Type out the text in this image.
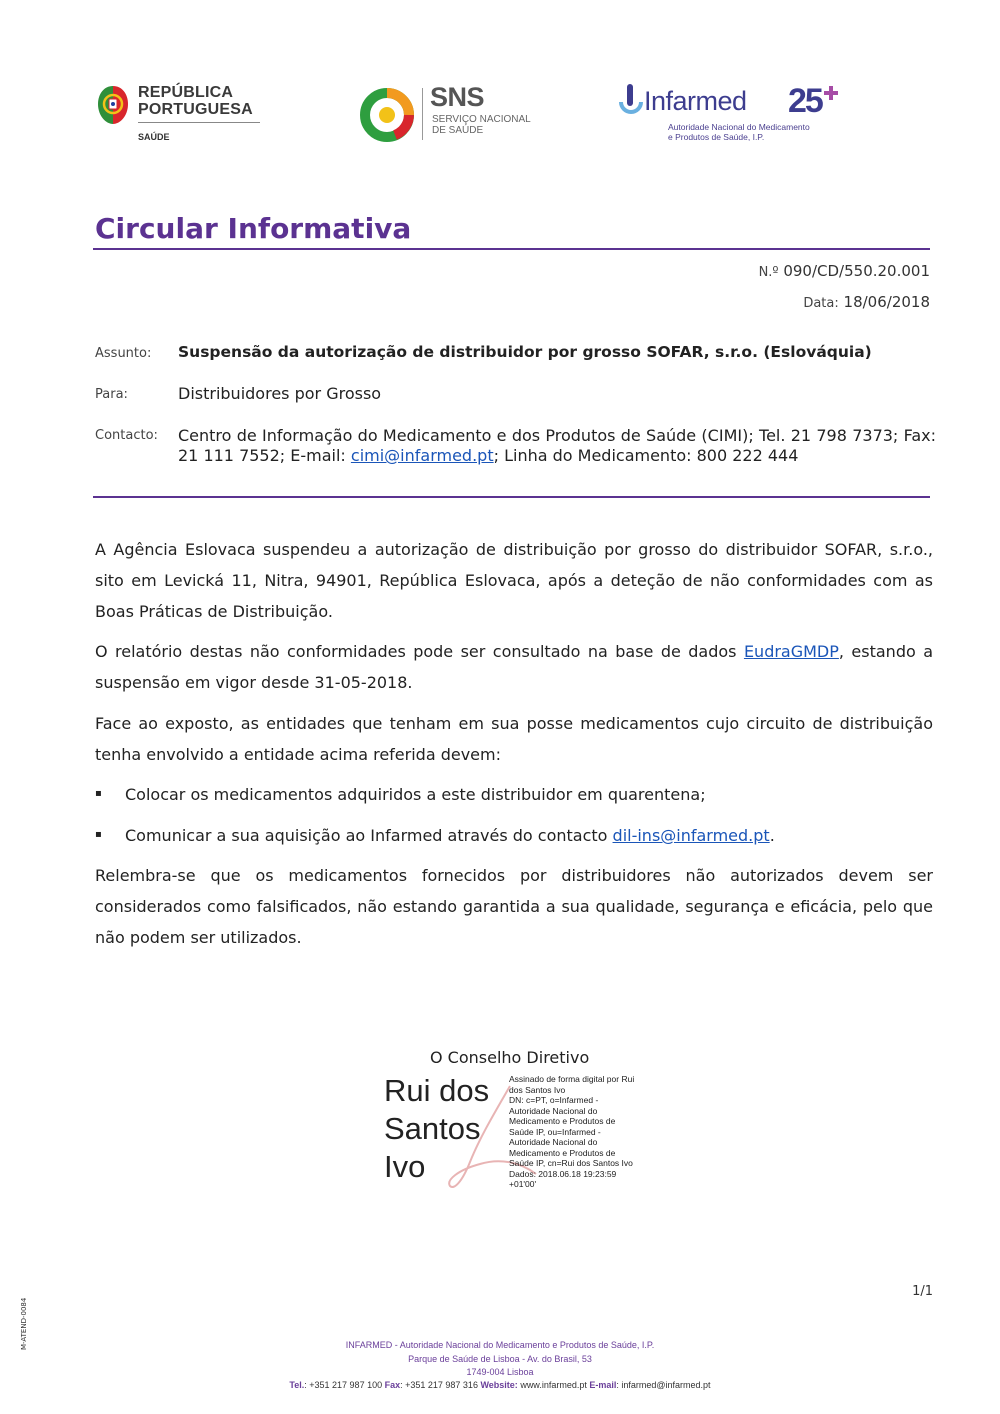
REPÚBLICA
PORTUGUESA
SAÚDE
SNS
SERVIÇO NACIONAL
DE SAÚDE
Infarmed 25
Autoridade Nacional do Medicamento
e Produtos de Saúde, I.P.
Circular Informativa
N.º 090/CD/550.20.001
Data: 18/06/2018
Assunto: Suspensão da autorização de distribuidor por grosso SOFAR, s.r.o. (Eslováquia)
Para:	Distribuidores por Grosso
Contacto: Centro de Informação do Medicamento e dos Produtos de Saúde (CIMI); Tel. 21 798 7373; Fax: 21 111 7552; E-mail: cimi@infarmed.pt; Linha do Medicamento: 800 222 444

A Agência Eslovaca suspendeu a autorização de distribuição por grosso do distribuidor SOFAR, s.r.o., sito em Levická 11, Nitra, 94901, República Eslovaca, após a deteção de não conformidades com as Boas Práticas de Distribuição.

O relatório destas não conformidades pode ser consultado na base de dados EudraGMDP, estando a suspensão em vigor desde 31-05-2018.

Face ao exposto, as entidades que tenham em sua posse medicamentos cujo circuito de distribuição tenha envolvido a entidade acima referida devem:

▪ Colocar os medicamentos adquiridos a este distribuidor em quarentena;
▪ Comunicar a sua aquisição ao Infarmed através do contacto dil-ins@infarmed.pt.

Relembra-se que os medicamentos fornecidos por distribuidores não autorizados devem ser considerados como falsificados, não estando garantida a sua qualidade, segurança e eficácia, pelo que não podem ser utilizados.

O Conselho Diretivo
Rui dos
Santos
Ivo
Assinado de forma digital por Rui
dos Santos Ivo
DN: c=PT, o=Infarmed -
Autoridade Nacional do
Medicamento e Produtos de
Saúde IP, ou=Infarmed -
Autoridade Nacional do
Medicamento e Produtos de
Saúde IP, cn=Rui dos Santos Ivo
Dados: 2018.06.18 19:23:59
+01'00'
1/1
M-ATEND-0084	INFARMED - Autoridade Nacional do Medicamento e Produtos de Saúde, I.P.
Parque de Saúde de Lisboa - Av. do Brasil, 53
1749-004 Lisboa
Tel.: +351 217 987 100 Fax: +351 217 987 316 Website: www.infarmed.pt E-mail: infarmed@infarmed.pt
